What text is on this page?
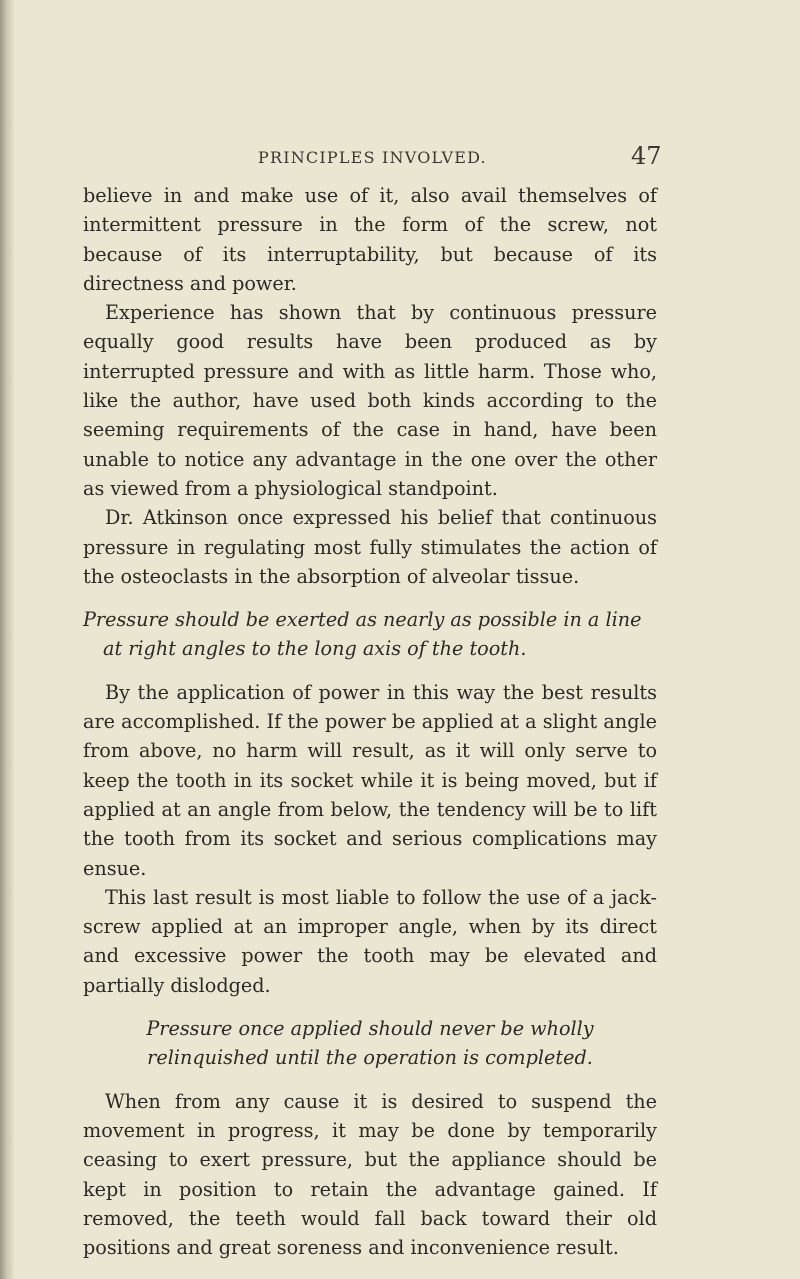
PRINCIPLES INVOLVED.	47

believe in and make use of it, also avail themselves of intermittent pressure in the form of the screw, not because of its interruptability, but because of its directness and power.

Experience has shown that by continuous pressure equally good results have been produced as by interrupted pressure and with as little harm. Those who, like the author, have used both kinds according to the seeming requirements of the case in hand, have been unable to notice any advantage in the one over the other as viewed from a physiological standpoint.

Dr. Atkinson once expressed his belief that continuous pressure in regulating most fully stimulates the action of the osteoclasts in the absorption of alveolar tissue.

Pressure should be exerted as nearly as possible in a line at right angles to the long axis of the tooth.

By the application of power in this way the best results are accomplished. If the power be applied at a slight angle from above, no harm will result, as it will only serve to keep the tooth in its socket while it is being moved, but if applied at an angle from below, the tendency will be to lift the tooth from its socket and serious complications may ensue.

This last result is most liable to follow the use of a jack-screw applied at an improper angle, when by its direct and excessive power the tooth may be elevated and partially dislodged.

Pressure once applied should never be wholly relinquished until the operation is completed.

When from any cause it is desired to suspend the movement in progress, it may be done by temporarily ceasing to exert pressure, but the appliance should be kept in position to retain the advantage gained. If removed, the teeth would fall back toward their old positions and great soreness and inconvenience result.
